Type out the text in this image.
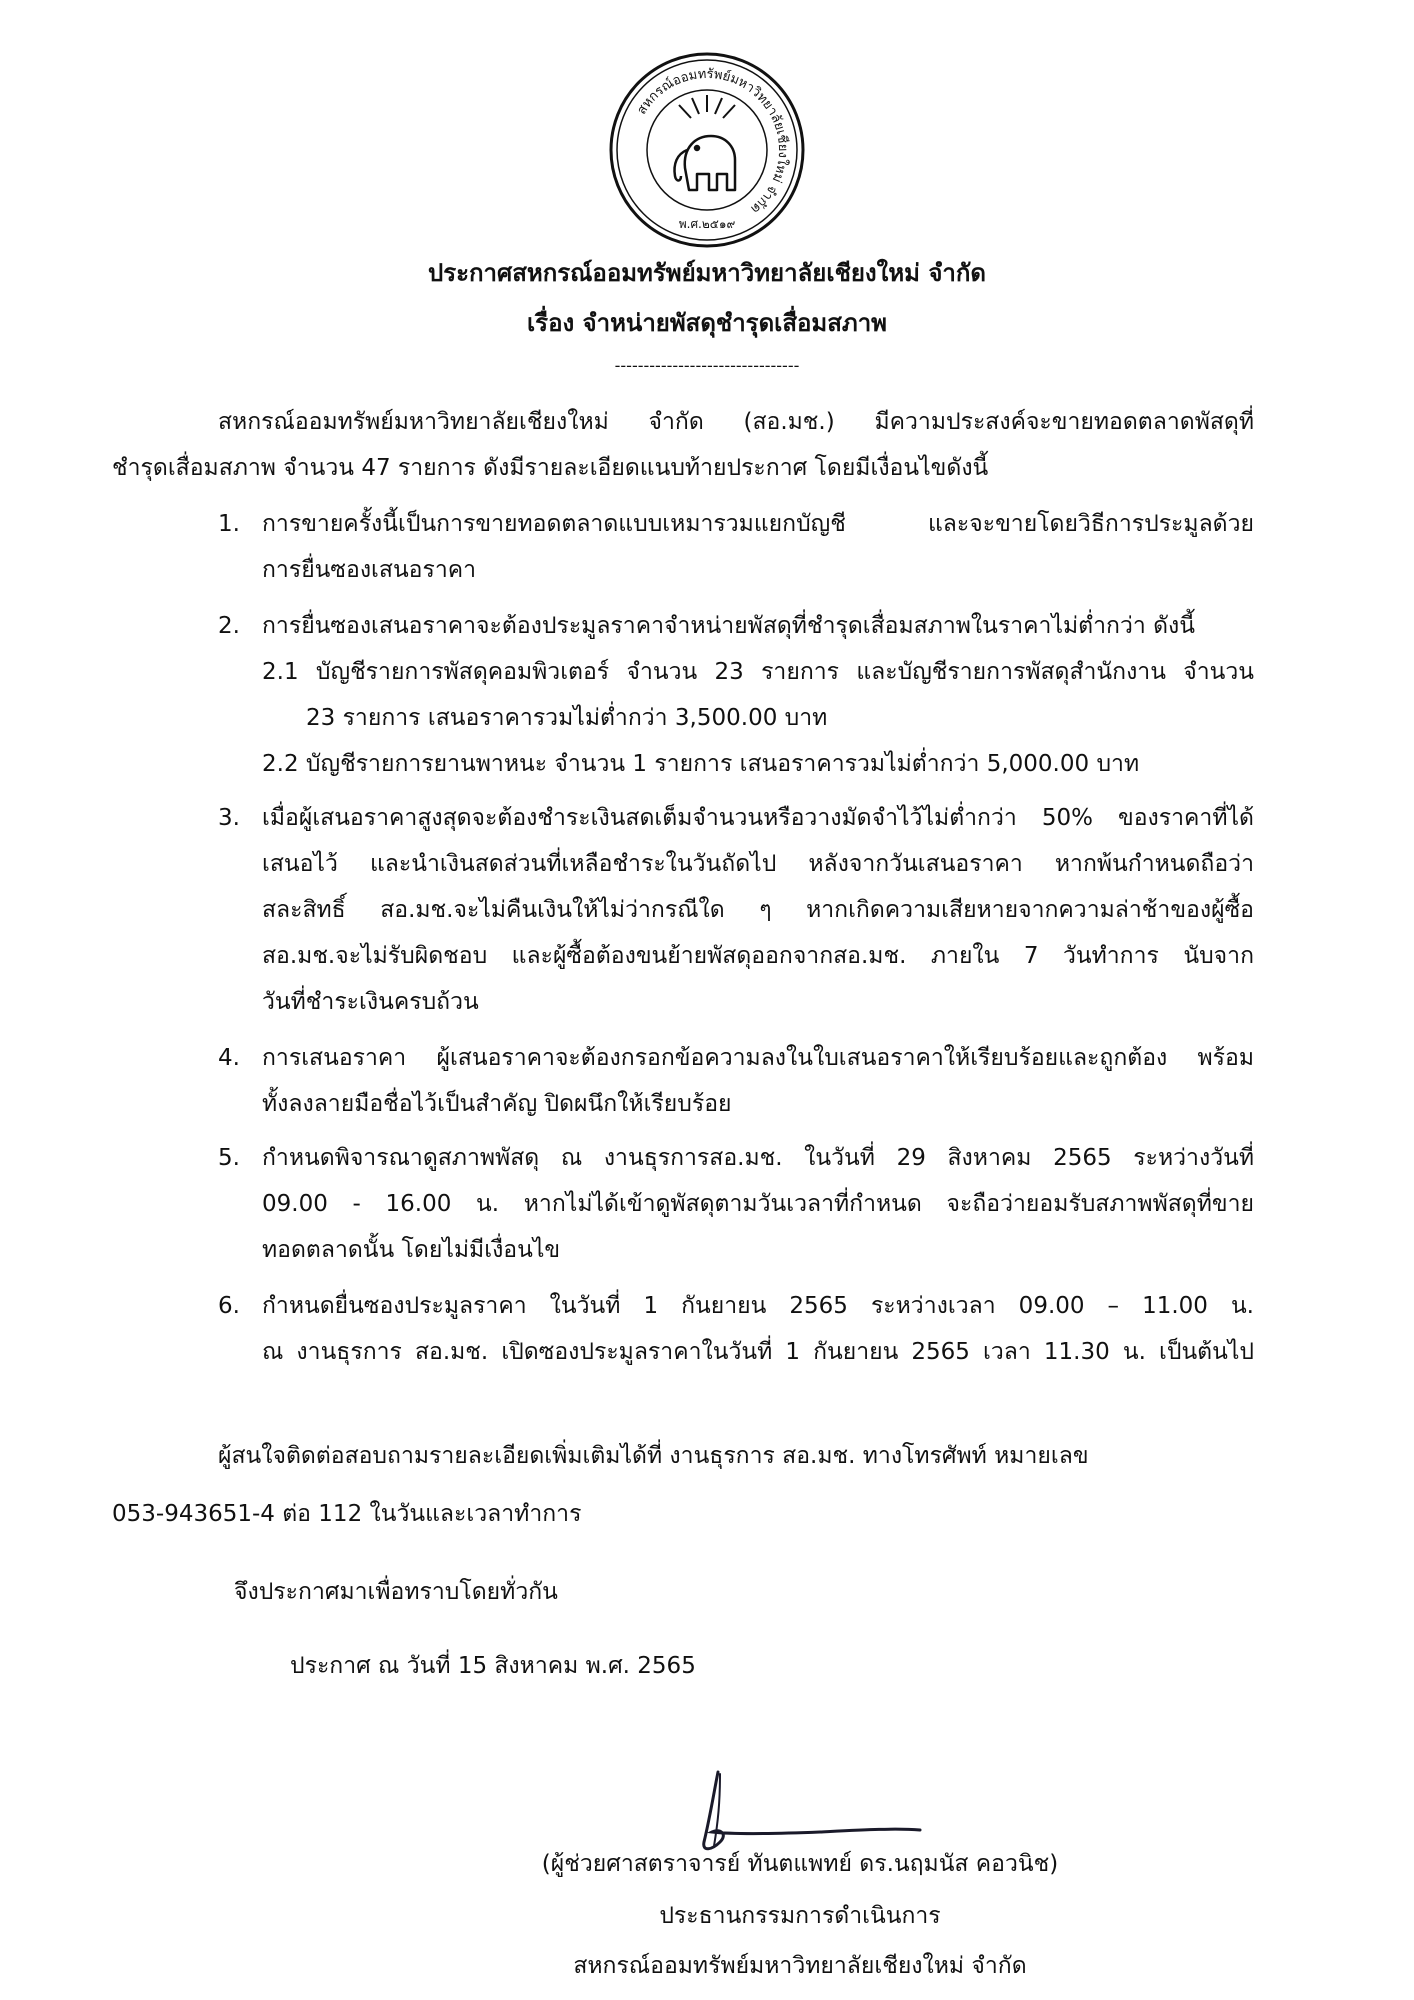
สหกรณ์ออมทรัพย์มหาวิทยาลัยเชียงใหม่ จำกัด
พ.ศ.๒๕๑๙
ประกาศสหกรณ์ออมทรัพย์มหาวิทยาลัยเชียงใหม่ จำกัด
เรื่อง จำหน่ายพัสดุชำรุดเสื่อมสภาพ
--------------------------------
สหกรณ์ออมทรัพย์มหาวิทยาลัยเชียงใหม่ จำกัด (สอ.มช.) มีความประสงค์จะขายทอดตลาดพัสดุที่
ชำรุดเสื่อมสภาพ จำนวน 47 รายการ ดังมีรายละเอียดแนบท้ายประกาศ โดยมีเงื่อนไขดังนี้
1. การขายครั้งนี้เป็นการขายทอดตลาดแบบเหมารวมแยกบัญชี และจะขายโดยวิธีการประมูลด้วย
การยื่นซองเสนอราคา
2. การยื่นซองเสนอราคาจะต้องประมูลราคาจำหน่ายพัสดุที่ชำรุดเสื่อมสภาพในราคาไม่ต่ำกว่า ดังนี้
2.1 บัญชีรายการพัสดุคอมพิวเตอร์ จำนวน 23 รายการ และบัญชีรายการพัสดุสำนักงาน จำนวน
23 รายการ เสนอราคารวมไม่ต่ำกว่า 3,500.00 บาท
2.2 บัญชีรายการยานพาหนะ จำนวน 1 รายการ เสนอราคารวมไม่ต่ำกว่า 5,000.00 บาท
3. เมื่อผู้เสนอราคาสูงสุดจะต้องชำระเงินสดเต็มจำนวนหรือวางมัดจำไว้ไม่ต่ำกว่า 50% ของราคาที่ได้
เสนอไว้ และนำเงินสดส่วนที่เหลือชำระในวันถัดไป หลังจากวันเสนอราคา หากพ้นกำหนดถือว่า
สละสิทธิ์ สอ.มช.จะไม่คืนเงินให้ไม่ว่ากรณีใด ๆ หากเกิดความเสียหายจากความล่าช้าของผู้ซื้อ
สอ.มช.จะไม่รับผิดชอบ และผู้ซื้อต้องขนย้ายพัสดุออกจากสอ.มช. ภายใน 7 วันทำการ นับจาก
วันที่ชำระเงินครบถ้วน
4. การเสนอราคา ผู้เสนอราคาจะต้องกรอกข้อความลงในใบเสนอราคาให้เรียบร้อยและถูกต้อง พร้อม
ทั้งลงลายมือชื่อไว้เป็นสำคัญ ปิดผนึกให้เรียบร้อย
5. กำหนดพิจารณาดูสภาพพัสดุ ณ งานธุรการสอ.มช. ในวันที่ 29 สิงหาคม 2565 ระหว่างวันที่
09.00 - 16.00 น. หากไม่ได้เข้าดูพัสดุตามวันเวลาที่กำหนด จะถือว่ายอมรับสภาพพัสดุที่ขาย
ทอดตลาดนั้น โดยไม่มีเงื่อนไข
6. กำหนดยื่นซองประมูลราคา ในวันที่ 1 กันยายน 2565 ระหว่างเวลา 09.00 – 11.00 น.
ณ งานธุรการ สอ.มช. เปิดซองประมูลราคาในวันที่ 1 กันยายน 2565 เวลา 11.30 น. เป็นต้นไป
ผู้สนใจติดต่อสอบถามรายละเอียดเพิ่มเติมได้ที่ งานธุรการ สอ.มช. ทางโทรศัพท์ หมายเลข
053-943651-4 ต่อ 112 ในวันและเวลาทำการ
จึงประกาศมาเพื่อทราบโดยทั่วกัน
ประกาศ ณ วันที่ 15 สิงหาคม พ.ศ. 2565
(ผู้ช่วยศาสตราจารย์ ทันตแพทย์ ดร.นฤมนัส คอวนิช)
ประธานกรรมการดำเนินการ
สหกรณ์ออมทรัพย์มหาวิทยาลัยเชียงใหม่ จำกัด
